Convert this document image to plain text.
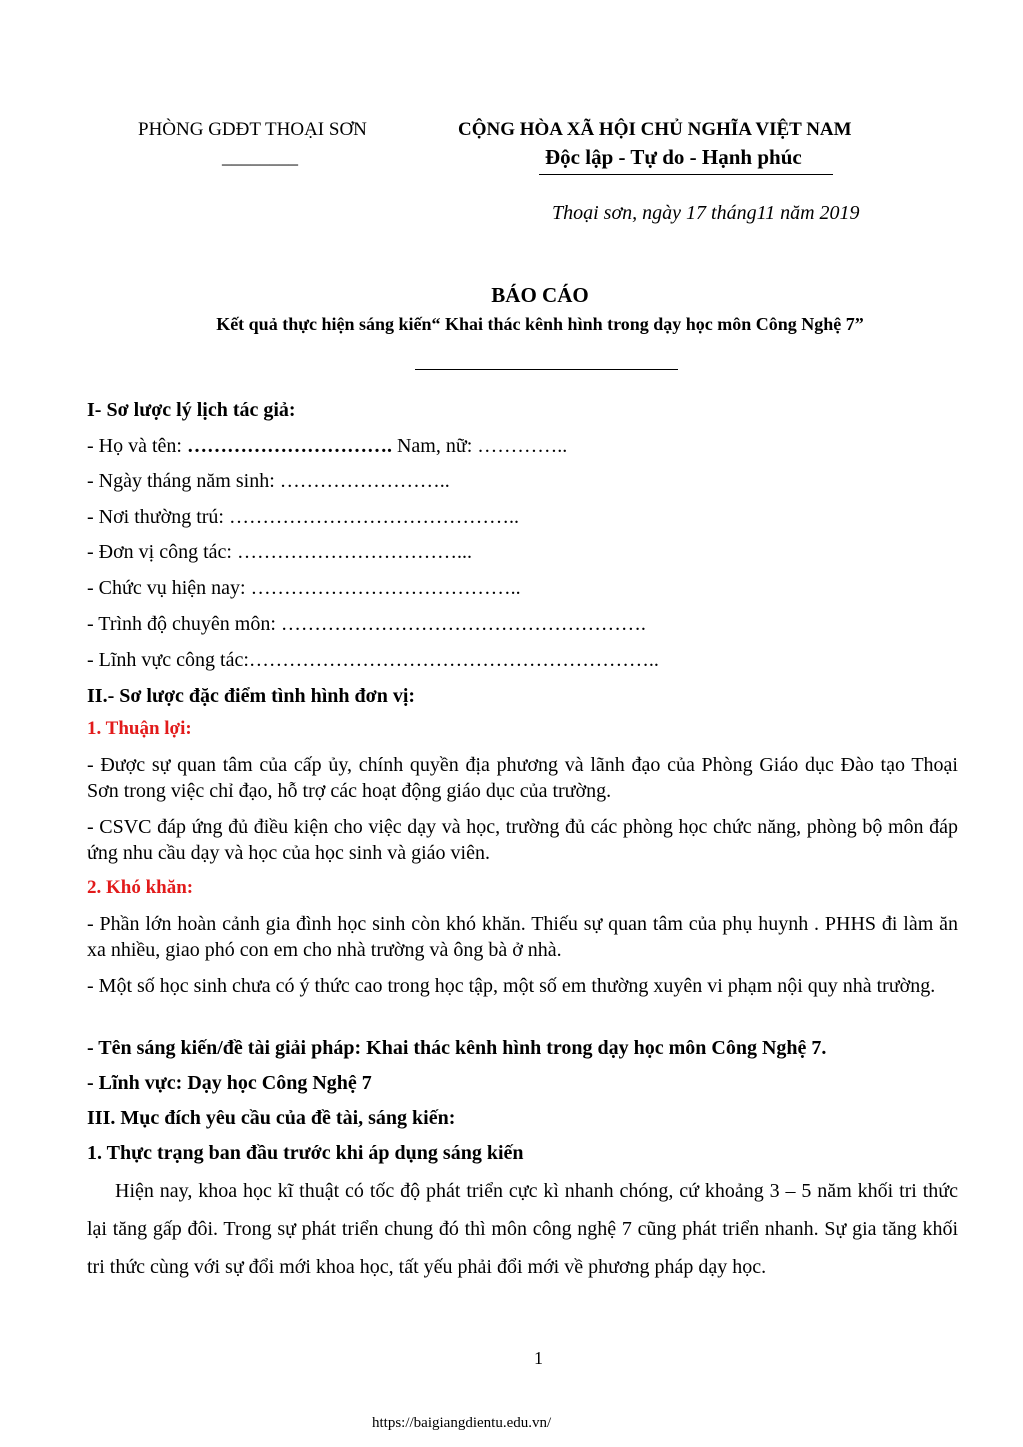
PHÒNG GDĐT THOẠI SƠN
________
CỘNG HÒA XÃ HỘI CHỦ NGHĨA VIỆT NAM
Độc lập - Tự do - Hạnh phúc
Thoại sơn, ngày 17 tháng11 năm 2019
BÁO CÁO
Kết quả thực hiện sáng kiến“ Khai thác kênh hình trong dạy học môn Công Nghệ 7”
I- Sơ lược lý lịch tác giả:
- Họ và tên: …………………………. Nam, nữ: …………..
- Ngày tháng năm sinh: ……………………..
- Nơi thường trú: ……………………………………..
- Đơn vị công tác: ……………………………...
- Chức vụ hiện nay: …………………………………..
- Trình độ chuyên môn: ……………………………………………….
- Lĩnh vực công tác:……………………………………………………..
II.- Sơ lược đặc điểm tình hình đơn vị:
1. Thuận lợi:
- Được sự quan tâm của cấp ủy, chính quyền địa phương và lãnh đạo của Phòng Giáo dục Đào tạo Thoại Sơn trong việc chỉ đạo, hỗ trợ các hoạt động giáo dục của trường.
- CSVC đáp ứng đủ điều kiện cho việc dạy và học, trường đủ các phòng học chức năng, phòng bộ môn đáp ứng nhu cầu dạy và học của học sinh và giáo viên.
2. Khó khăn:
- Phần lớn hoàn cảnh gia đình học sinh còn khó khăn. Thiếu sự quan tâm của phụ huynh . PHHS đi làm ăn xa nhiều, giao phó con em cho nhà trường và ông bà ở nhà.
- Một số học sinh chưa có ý thức cao trong học tập, một số em thường xuyên vi phạm nội quy nhà trường.
- Tên sáng kiến/đề tài giải pháp: Khai thác kênh hình trong dạy học môn Công Nghệ 7.
- Lĩnh vực: Dạy học Công Nghệ 7
III. Mục đích yêu cầu của đề tài, sáng kiến:
1. Thực trạng ban đầu trước khi áp dụng sáng kiến
Hiện nay, khoa học kĩ thuật có tốc độ phát triển cực kì nhanh chóng, cứ khoảng 3 – 5 năm khối tri thức lại tăng gấp đôi. Trong sự phát triển chung đó thì môn công nghệ 7 cũng phát triển nhanh. Sự gia tăng khối tri thức cùng với sự đổi mới khoa học, tất yếu phải đổi mới về phương pháp dạy học.
1
https://baigiangdientu.edu.vn/
